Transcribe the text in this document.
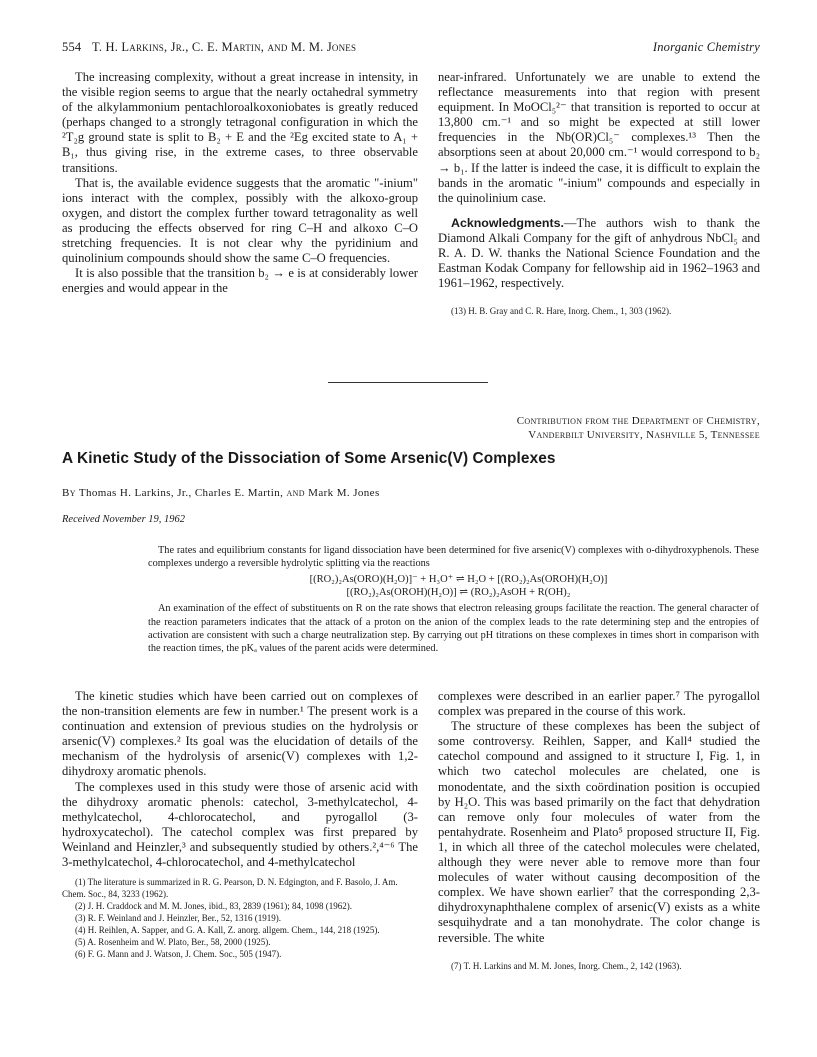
554 T. H. Larkins, Jr., C. E. Martin, and M. M. Jones	Inorganic Chemistry

The increasing complexity, without a great increase in intensity, in the visible region seems to argue that the nearly octahedral symmetry of the alkylammonium pentachloroalkoxoniobates is greatly reduced (perhaps changed to a strongly tetragonal configuration in which the ²T₂g ground state is split to B₂ + E and the ²Eg excited state to A₁ + B₁, thus giving rise, in the extreme cases, to three observable transitions.

That is, the available evidence suggests that the aromatic "-inium" ions interact with the complex, possibly with the alkoxo-group oxygen, and distort the complex further toward tetragonality as well as producing the effects observed for ring C–H and alkoxo C–O stretching frequencies. It is not clear why the pyridinium and quinolinium compounds should show the same C–O frequencies.

It is also possible that the transition b₂ → e is at considerably lower energies and would appear in the

near-infrared. Unfortunately we are unable to extend the reflectance measurements into that region with present equipment. In MoOCl₅²⁻ that transition is reported to occur at 13,800 cm.⁻¹ and so might be expected at still lower frequencies in the Nb(OR)Cl₅⁻ complexes.¹³ Then the absorptions seen at about 20,000 cm.⁻¹ would correspond to b₂ → b₁. If the latter is indeed the case, it is difficult to explain the bands in the aromatic "-inium" compounds and especially in the quinolinium case.

Acknowledgments.—The authors wish to thank the Diamond Alkali Company for the gift of anhydrous NbCl₅ and R. A. D. W. thanks the National Science Foundation and the Eastman Kodak Company for fellowship aid in 1962–1963 and 1961–1962, respectively.

(13) H. B. Gray and C. R. Hare, Inorg. Chem., 1, 303 (1962).

Contribution from the Department of Chemistry,
Vanderbilt University, Nashville 5, Tennessee
A Kinetic Study of the Dissociation of Some Arsenic(V) Complexes
By Thomas H. Larkins, Jr., Charles E. Martin, and Mark M. Jones
Received November 19, 1962

The rates and equilibrium constants for ligand dissociation have been determined for five arsenic(V) complexes with o-dihydroxyphenols. These complexes undergo a reversible hydrolytic splitting via the reactions

[(RO₂)₂As(ORO)(H₂O)]⁻ + H₃O⁺ ⇌ H₂O + [(RO₂)₂As(OROH)(H₂O)]

[(RO₂)₂As(OROH)(H₂O)] ⇌ (RO₂)₂AsOH + R(OH)₂

An examination of the effect of substituents on R on the rate shows that electron releasing groups facilitate the reaction. The general character of the reaction parameters indicates that the attack of a proton on the anion of the complex leads to the rate determining step and the entropies of activation are consistent with such a charge neutralization step. By carrying out pH titrations on these complexes in times short in comparison with the reaction times, the pKₐ values of the parent acids were determined.

The kinetic studies which have been carried out on complexes of the non-transition elements are few in number.¹ The present work is a continuation and extension of previous studies on the hydrolysis or arsenic(V) complexes.² Its goal was the elucidation of details of the mechanism of the hydrolysis of arsenic(V) complexes with 1,2-dihydroxy aromatic phenols.

The complexes used in this study were those of arsenic acid with the dihydroxy aromatic phenols: catechol, 3-methylcatechol, 4-methylcatechol, 4-chlorocatechol, and pyrogallol (3-hydroxycatechol). The catechol complex was first prepared by Weinland and Heinzler,³ and subsequently studied by others.²,⁴⁻⁶ The 3-methylcatechol, 4-chlorocatechol, and 4-methylcatechol

(1) The literature is summarized in R. G. Pearson, D. N. Edgington, and F. Basolo, J. Am. Chem. Soc., 84, 3233 (1962).

(2) J. H. Craddock and M. M. Jones, ibid., 83, 2839 (1961); 84, 1098 (1962).

(3) R. F. Weinland and J. Heinzler, Ber., 52, 1316 (1919).

(4) H. Reihlen, A. Sapper, and G. A. Kall, Z. anorg. allgem. Chem., 144, 218 (1925).

(5) A. Rosenheim and W. Plato, Ber., 58, 2000 (1925).

(6) F. G. Mann and J. Watson, J. Chem. Soc., 505 (1947).

complexes were described in an earlier paper.⁷ The pyrogallol complex was prepared in the course of this work.

The structure of these complexes has been the subject of some controversy. Reihlen, Sapper, and Kall⁴ studied the catechol compound and assigned to it structure I, Fig. 1, in which two catechol molecules are chelated, one is monodentate, and the sixth coördination position is occupied by H₂O. This was based primarily on the fact that dehydration can remove only four molecules of water from the pentahydrate. Rosenheim and Plato⁵ proposed structure II, Fig. 1, in which all three of the catechol molecules were chelated, although they were never able to remove more than four molecules of water without causing decomposition of the complex. We have shown earlier⁷ that the corresponding 2,3-dihydroxynaphthalene complex of arsenic(V) exists as a white sesquihydrate and a tan monohydrate. The color change is reversible. The white

(7) T. H. Larkins and M. M. Jones, Inorg. Chem., 2, 142 (1963).
